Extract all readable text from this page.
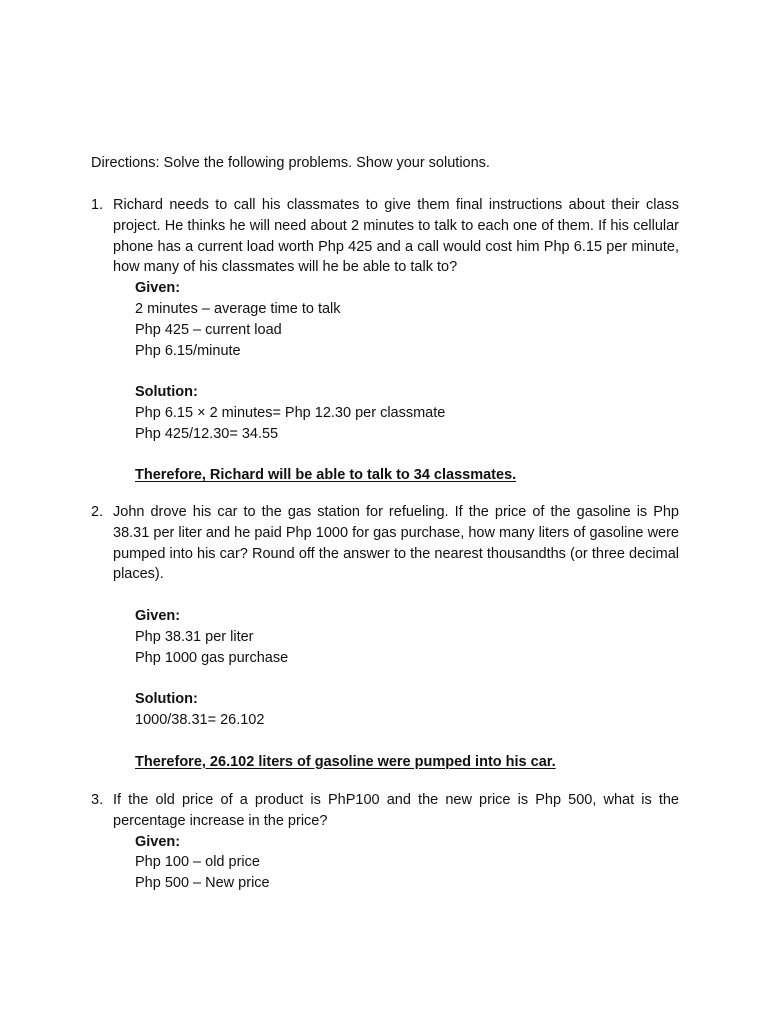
Directions: Solve the following problems. Show your solutions.
1. Richard needs to call his classmates to give them final instructions about their class project. He thinks he will need about 2 minutes to talk to each one of them. If his cellular phone has a current load worth Php 425 and a call would cost him Php 6.15 per minute, how many of his classmates will he be able to talk to?
Given:
2 minutes – average time to talk
Php 425 – current load
Php 6.15/minute
Solution:
Php 6.15 × 2 minutes= Php 12.30 per classmate
Php 425/12.30= 34.55
Therefore, Richard will be able to talk to 34 classmates.
2. John drove his car to the gas station for refueling. If the price of the gasoline is Php 38.31 per liter and he paid Php 1000 for gas purchase, how many liters of gasoline were pumped into his car? Round off the answer to the nearest thousandths (or three decimal places).
Given:
Php 38.31 per liter
Php 1000 gas purchase
Solution:
1000/38.31= 26.102
Therefore, 26.102 liters of gasoline were pumped into his car.
3. If the old price of a product is PhP100 and the new price is Php 500, what is the percentage increase in the price?
Given:
Php 100 – old price
Php 500 – New price
